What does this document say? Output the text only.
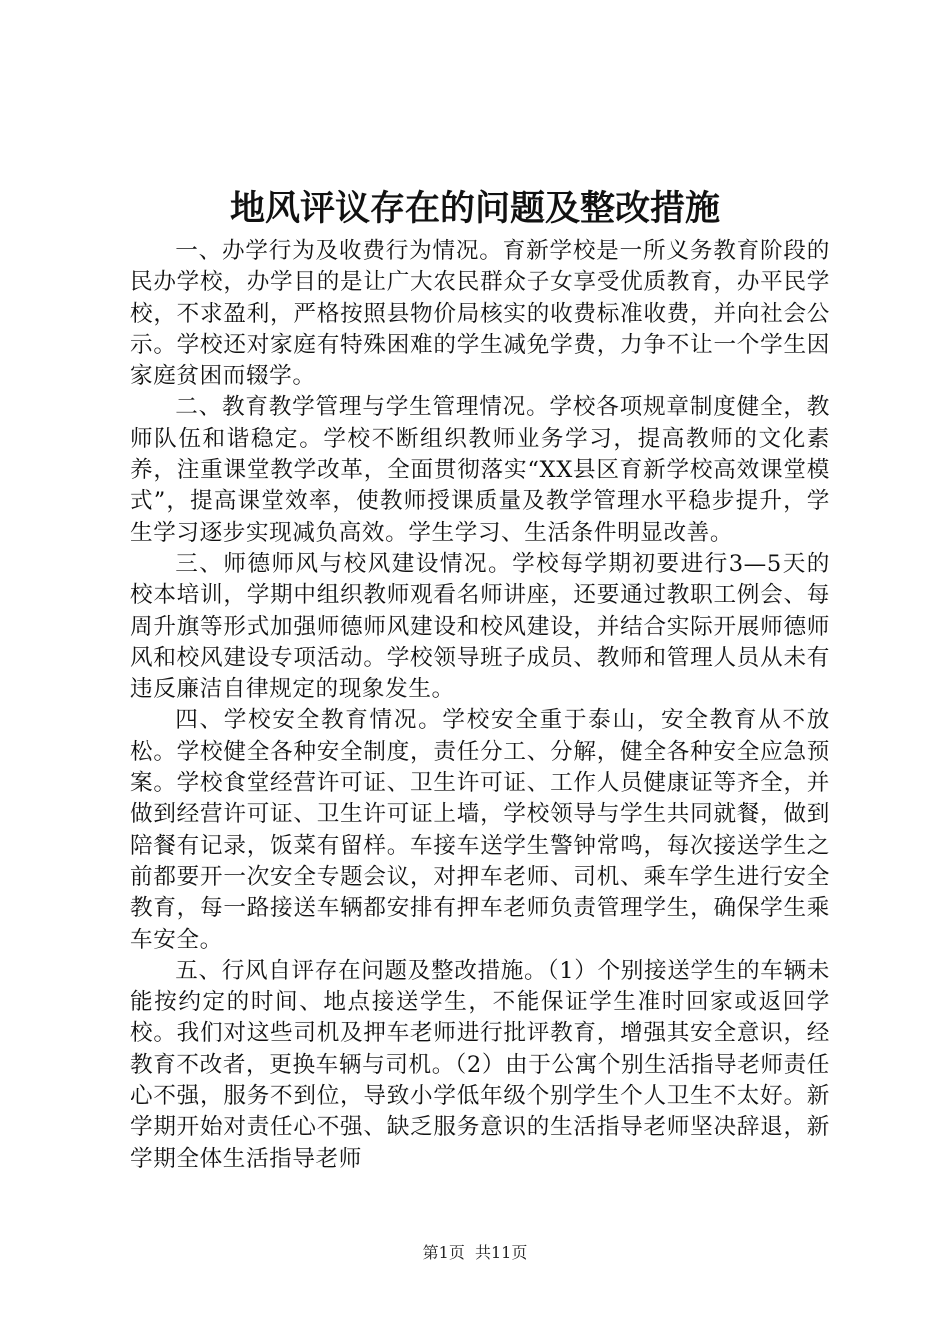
地风评议存在的问题及整改措施

一、办学行为及收费行为情况。育新学校是一所义务教育阶段的民办学校，办学目的是让广大农民群众子女享受优质教育，办平民学校，不求盈利，严格按照县物价局核实的收费标准收费，并向社会公示。学校还对家庭有特殊困难的学生减免学费，力争不让一个学生因家庭贫困而辍学。

二、教育教学管理与学生管理情况。学校各项规章制度健全，教师队伍和谐稳定。学校不断组织教师业务学习，提高教师的文化素养，注重课堂教学改革，全面贯彻落实“XX县区育新学校高效课堂模式”，提高课堂效率，使教师授课质量及教学管理水平稳步提升，学生学习逐步实现减负高效。学生学习、生活条件明显改善。

三、师德师风与校风建设情况。学校每学期初要进行3—5天的校本培训，学期中组织教师观看名师讲座，还要通过教职工例会、每周升旗等形式加强师德师风建设和校风建设，并结合实际开展师德师风和校风建设专项活动。学校领导班子成员、教师和管理人员从未有违反廉洁自律规定的现象发生。

四、学校安全教育情况。学校安全重于泰山，安全教育从不放松。学校健全各种安全制度，责任分工、分解，健全各种安全应急预案。学校食堂经营许可证、卫生许可证、工作人员健康证等齐全，并做到经营许可证、卫生许可证上墙，学校领导与学生共同就餐，做到陪餐有记录，饭菜有留样。车接车送学生警钟常鸣，每次接送学生之前都要开一次安全专题会议，对押车老师、司机、乘车学生进行安全教育，每一路接送车辆都安排有押车老师负责管理学生，确保学生乘车安全。

五、行风自评存在问题及整改措施。（1）个别接送学生的车辆未能按约定的时间、地点接送学生，不能保证学生准时回家或返回学校。我们对这些司机及押车老师进行批评教育，增强其安全意识，经教育不改者，更换车辆与司机。（2）由于公寓个别生活指导老师责任心不强，服务不到位，导致小学低年级个别学生个人卫生不太好。新学期开始对责任心不强、缺乏服务意识的生活指导老师坚决辞退，新学期全体生活指导老师

第1页  共11页
